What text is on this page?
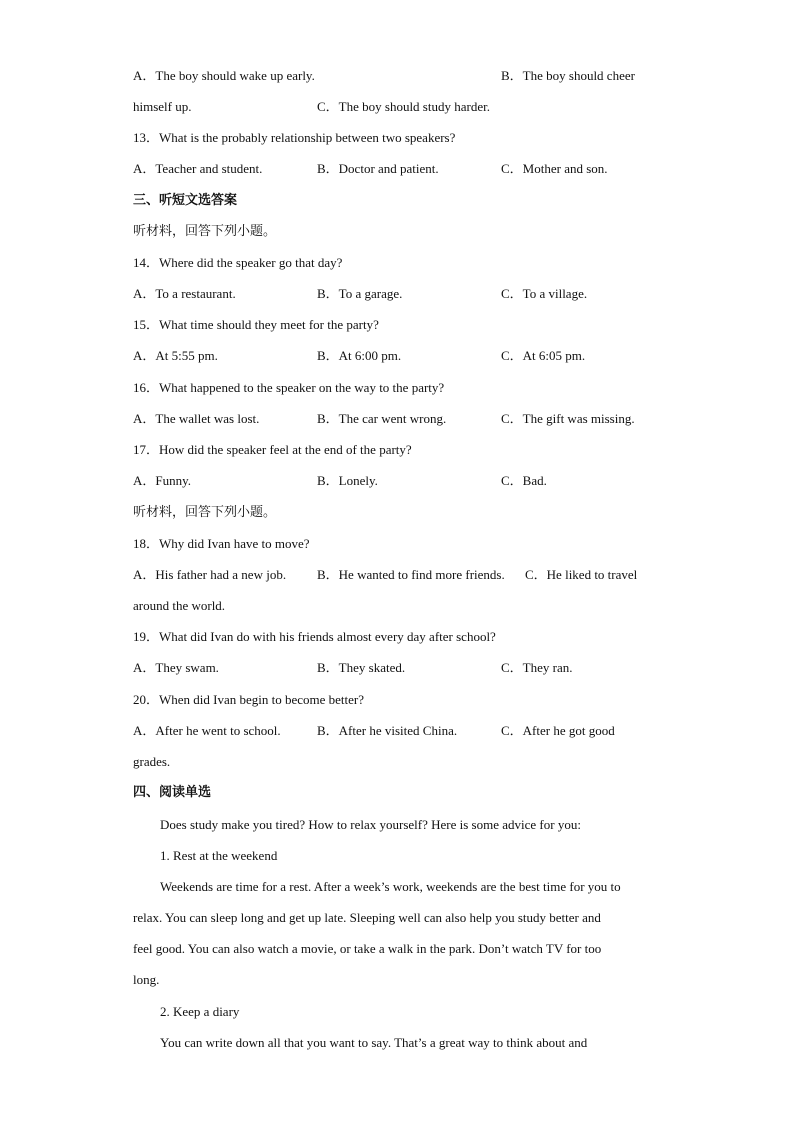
A．The boy should wake up early.	B．The boy should cheer
himself up.	C．The boy should study harder.
13．What is the probably relationship between two speakers?
A．Teacher and student.	B．Doctor and patient.	C．Mother and son.
三、听短文选答案
听材料，回答下列小题。
14．Where did the speaker go that day?
A．To a restaurant.	B．To a garage.	C．To a village.
15．What time should they meet for the party?
A．At 5:55 pm.	B．At 6:00 pm.	C．At 6:05 pm.
16．What happened to the speaker on the way to the party?
A．The wallet was lost.	B．The car went wrong.	C．The gift was missing.
17．How did the speaker feel at the end of the party?
A．Funny.	B．Lonely.	C．Bad.
听材料，回答下列小题。
18．Why did Ivan have to move?
A．His father had a new job. B．He wanted to find more friends. C．He liked to travel
around the world.
19．What did Ivan do with his friends almost every day after school?
A．They swam.	B．They skated.	C．They ran.
20．When did Ivan begin to become better?
A．After he went to school.	B．After he visited China.	C．After he got good
grades.
四、阅读单选
Does study make you tired? How to relax yourself? Here is some advice for you:
1. Rest at the weekend
Weekends are time for a rest. After a week’s work, weekends are the best time for you to
relax. You can sleep long and get up late. Sleeping well can also help you study better and
feel good. You can also watch a movie, or take a walk in the park. Don’t watch TV for too
long.
2. Keep a diary
You can write down all that you want to say. That’s a great way to think about and
